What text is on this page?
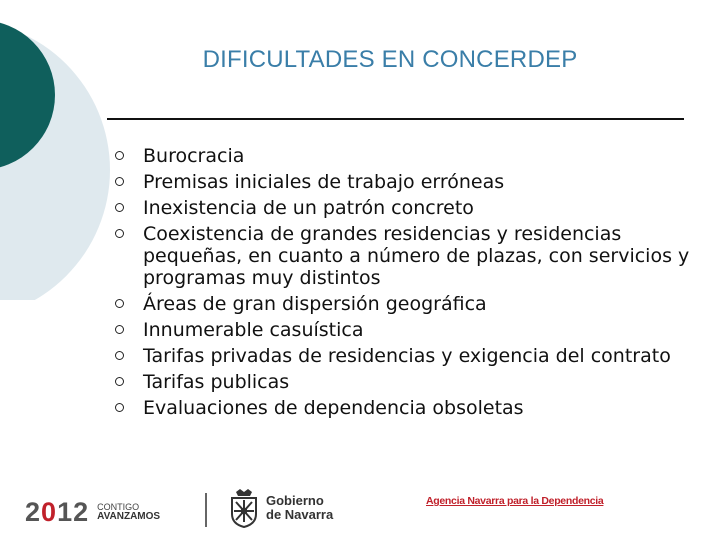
DIFICULTADES EN CONCERDEP
Burocracia
Premisas iniciales de trabajo erróneas
Inexistencia de un patrón concreto
Coexistencia de grandes residencias y residencias pequeñas, en cuanto a número de plazas, con servicios y programas muy distintos
Áreas de gran dispersión geográfica
Innumerable casuística
Tarifas privadas de residencias y exigencia del contrato
Tarifas publicas
Evaluaciones de dependencia obsoletas
2012 CONTIGO
AVANZAMOS
Gobierno
de Navarra
Agencia Navarra para la Dependencia
